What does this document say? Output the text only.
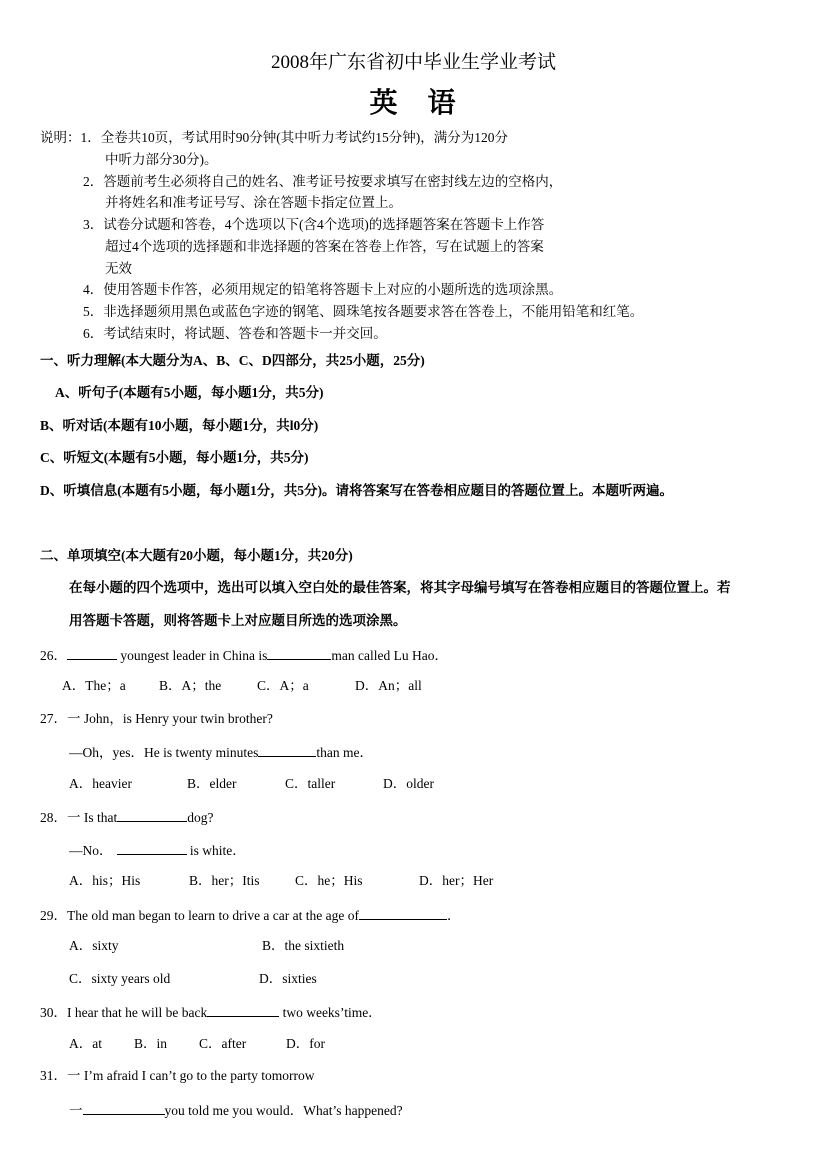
2008年广东省初中毕业生学业考试
英 语
说明：1．全卷共10页，考试用时90分钟(其中听力考试约15分钟)，满分为120分
中听力部分30分)。
2．答题前考生必须将自己的姓名、准考证号按要求填写在密封线左边的空格内，
并将姓名和准考证号写、涂在答题卡指定位置上。
3．试卷分试题和答卷，4个选项以下(含4个选项)的选择题答案在答题卡上作答
超过4个选项的选择题和非选择题的答案在答卷上作答，写在试题上的答案
无效
4．使用答题卡作答，必须用规定的铅笔将答题卡上对应的小题所选的选项涂黑。
5．非选择题须用黑色或蓝色字迹的钢笔、圆珠笔按各题要求答在答卷上，不能用铅笔和红笔。
6．考试结束时，将试题、答卷和答题卡一并交回。
一、听力理解(本大题分为A、B、C、D四部分，共25小题，25分)
A、听句子(本题有5小题，每小题1分，共5分)
B、听对话(本题有10小题，每小题1分，共l0分)
C、听短文(本题有5小题，每小题1分，共5分)
D、听填信息(本题有5小题，每小题1分，共5分)。请将答案写在答卷相应题目的答题位置上。本题听两遍。
二、单项填空(本大题有20小题，每小题1分，共20分)
在每小题的四个选项中，选出可以填入空白处的最佳答案，将其字母编号填写在答卷相应题目的答题位置上。若
用答题卡答题，则将答题卡上对应题目所选的选项涂黑。
26．	youngest leader in China is	man called Lu Hao．
A．The；a B．A；the	C．A；a	D．An；all
27．一 John，is Henry your twin brother?
—Oh，yes．He is twenty minutes	than me．
A．heavier	B．elder	C．taller	D．older
28．一 Is that	dog?
—No．	is white．
A．his；His	B．her；Itis	C．he；His	D．her；Her
29．The old man began to learn to drive a car at the age of	．
A．sixty	B．the sixtieth
C．sixty years old	D．sixties
30．I hear that he will be back	two weeks’time．
A．at B．in C．after	D．for
31．一 I’m afraid I can’t go to the party tomorrow
一	you told me you would．What’s happened?
